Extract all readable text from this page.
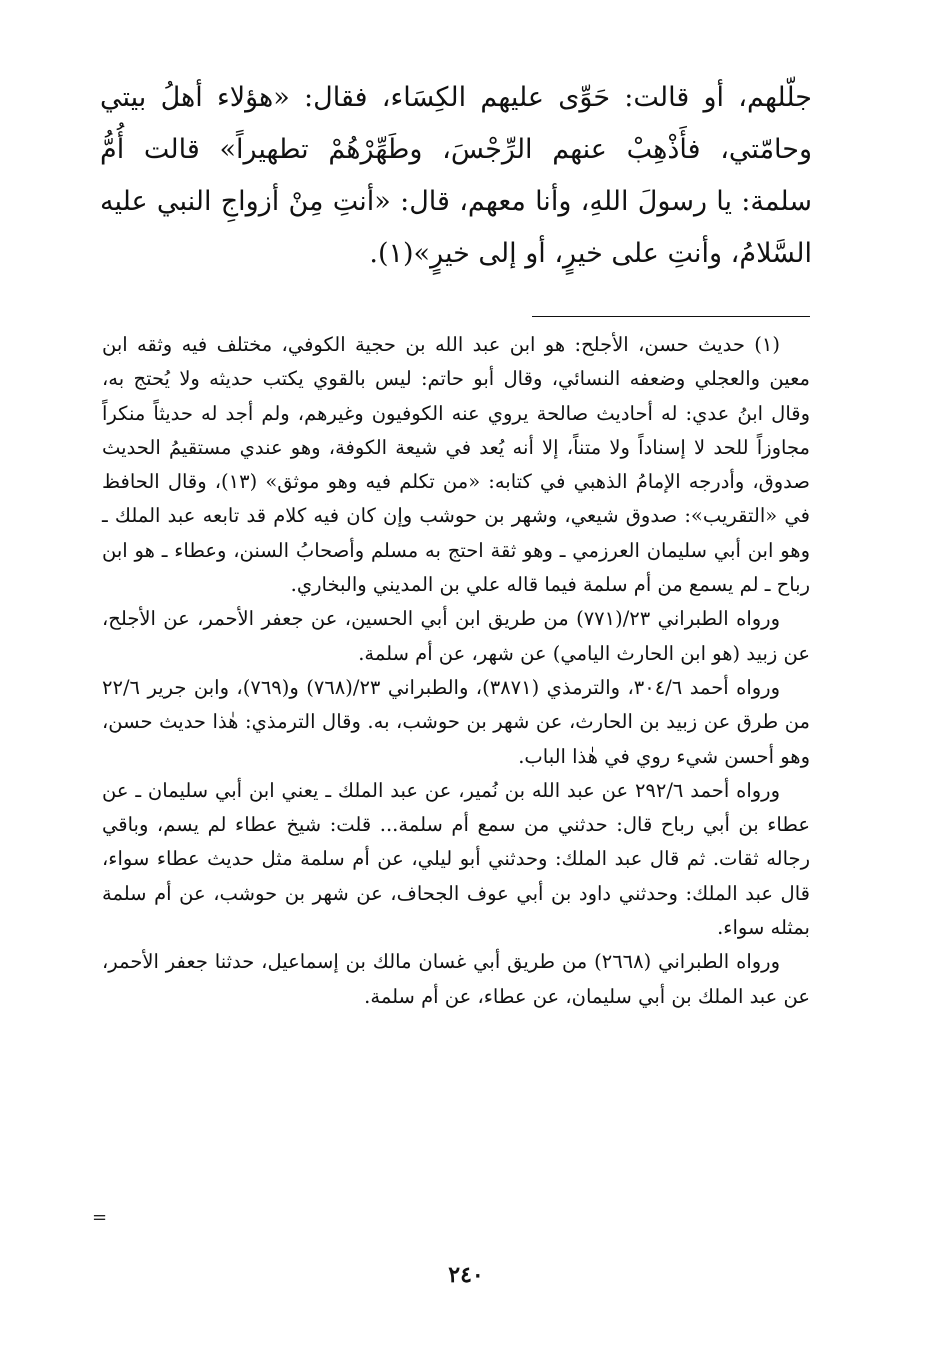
جلّلهم، أو قالت: حَوِّى عليهم الكِسَاء، فقال: «هؤلاء أهلُ بيتي وحامّتي، فأَذْهِبْ عنهم الرِّجْسَ، وطَهِّرْهُمْ تطهيراً» قالت أُمُّ سلمة: يا رسولَ اللهِ، وأنا معهم، قال: «أنتِ مِنْ أزواجِ النبي عليه السَّلامُ، وأنتِ على خيرٍ، أو إلى خيرٍ»(١).

(١) حديث حسن، الأجلح: هو ابن عبد الله بن حجية الكوفي، مختلف فيه وثقه ابن معين والعجلي وضعفه النسائي، وقال أبو حاتم: ليس بالقوي يكتب حديثه ولا يُحتج به، وقال ابنُ عدي: له أحاديث صالحة يروي عنه الكوفيون وغيرهم، ولم أجد له حديثاً منكراً مجاوزاً للحد لا إسناداً ولا متناً، إلا أنه يُعد في شيعة الكوفة، وهو عندي مستقيمُ الحديث صدوق، وأدرجه الإمامُ الذهبي في كتابه: «من تكلم فيه وهو موثق» (١٣)، وقال الحافظ في «التقريب»: صدوق شيعي، وشهر بن حوشب وإن كان فيه كلام قد تابعه عبد الملك ـ وهو ابن أبي سليمان العرزمي ـ وهو ثقة احتج به مسلم وأصحابُ السنن، وعطاء ـ هو ابن رباح ـ لم يسمع من أم سلمة فيما قاله علي بن المديني والبخاري.

ورواه الطبراني ٢٣/(٧٧١) من طريق ابن أبي الحسين، عن جعفر الأحمر، عن الأجلح، عن زبيد (هو ابن الحارث اليامي) عن شهر، عن أم سلمة.

ورواه أحمد ٣٠٤/٦، والترمذي (٣٨٧١)، والطبراني ٢٣/(٧٦٨) و(٧٦٩)، وابن جرير ٢٢/٦ من طرق عن زبيد بن الحارث، عن شهر بن حوشب، به. وقال الترمذي: هٰذا حديث حسن، وهو أحسن شيء روي في هٰذا الباب.

ورواه أحمد ٢٩٢/٦ عن عبد الله بن نُمير، عن عبد الملك ـ يعني ابن أبي سليمان ـ عن عطاء بن أبي رباح قال: حدثني من سمع أم سلمة... قلت: شيخ عطاء لم يسم، وباقي رجاله ثقات. ثم قال عبد الملك: وحدثني أبو ليلي، عن أم سلمة مثل حديث عطاء سواء، قال عبد الملك: وحدثني داود بن أبي عوف الجحاف، عن شهر بن حوشب، عن أم سلمة بمثله سواء.

ورواه الطبراني (٢٦٦٨) من طريق أبي غسان مالك بن إسماعيل، حدثنا جعفر الأحمر، عن عبد الملك بن أبي سليمان، عن عطاء، عن أم سلمة.

=
٢٤٠
